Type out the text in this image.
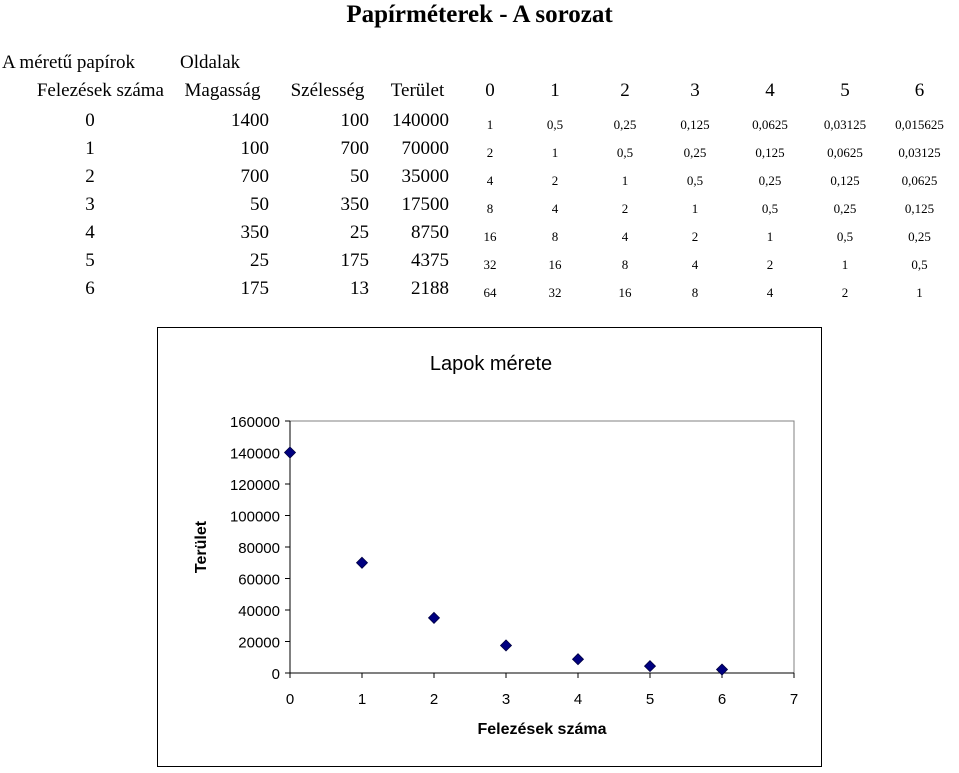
Papírméterek - A sorozat
A méretű papírok	Oldalak
Felezések száma	Magasság	Szélesség	Terület	0	1	2	3	4	5	6
0	1400	100	140000	1	0,5	0,25	0,125	0,0625	0,03125	0,015625
1	100	700	70000	2	1	0,5	0,25	0,125	0,0625	0,03125
2	700	50	35000	4	2	1	0,5	0,25	0,125	0,0625
3	50	350	17500	8	4	2	1	0,5	0,25	0,125
4	350	25	8750	16	8	4	2	1	0,5	0,25
5	25	175	4375	32	16	8	4	2	1	0,5
6	175	13	2188	64	32	16	8	4	2	1
Lapok mérete
0
20000
40000
60000
80000
100000
120000
140000
160000
0	1	2	3	4	5	6	7
Felezések száma
Terület
